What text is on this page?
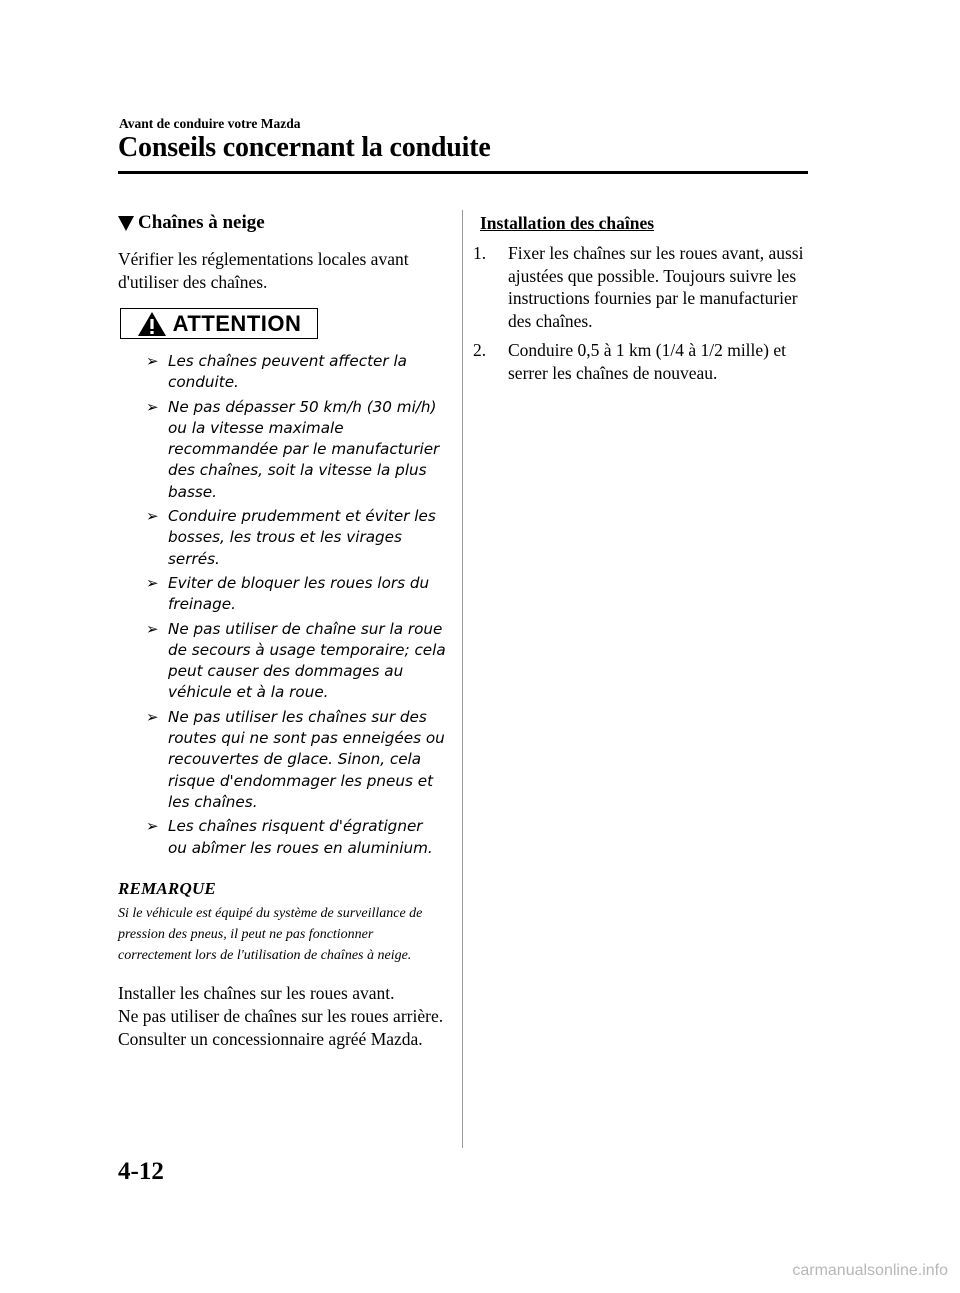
Avant de conduire votre Mazda
Conseils concernant la conduite
Chaînes à neige

Vérifier les réglementations locales avant d'utiliser des chaînes.

ATTENTION
➢ Les chaînes peuvent affecter la conduite.
➢ Ne pas dépasser 50 km/h (30 mi/h) ou la vitesse maximale recommandée par le manufacturier des chaînes, soit la vitesse la plus basse.
➢ Conduire prudemment et éviter les bosses, les trous et les virages serrés.
➢ Eviter de bloquer les roues lors du freinage.
➢ Ne pas utiliser de chaîne sur la roue de secours à usage temporaire; cela peut causer des dommages au véhicule et à la roue.
➢ Ne pas utiliser les chaînes sur des routes qui ne sont pas enneigées ou recouvertes de glace. Sinon, cela risque d'endommager les pneus et les chaînes.
➢ Les chaînes risquent d'égratigner ou abîmer les roues en aluminium.
REMARQUE

Si le véhicule est équipé du système de surveillance de pression des pneus, il peut ne pas fonctionner correctement lors de l'utilisation de chaînes à neige.

Installer les chaînes sur les roues avant.

Ne pas utiliser de chaînes sur les roues arrière.

Consulter un concessionnaire agréé Mazda.

Installation des chaînes
1. Fixer les chaînes sur les roues avant, aussi ajustées que possible. Toujours suivre les instructions fournies par le manufacturier des chaînes.
2. Conduire 0,5 à 1 km (1/4 à 1/2 mille) et serrer les chaînes de nouveau.
4-12
carmanualsonline.info
